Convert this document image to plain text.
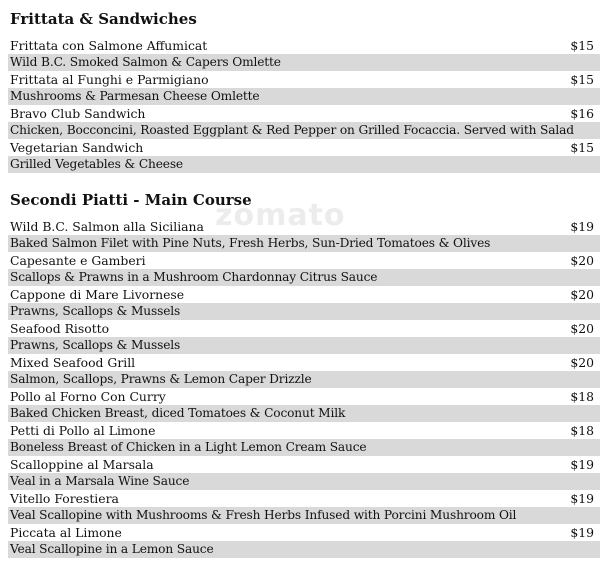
zomato
Frittata & Sandwiches
Frittata con Salmone Affumicat	$15
Wild B.C. Smoked Salmon & Capers Omlette
Frittata al Funghi e Parmigiano	$15
Mushrooms & Parmesan Cheese Omlette
Bravo Club Sandwich	$16
Chicken, Bocconcini, Roasted Eggplant & Red Pepper on Grilled Focaccia. Served with Salad
Vegetarian Sandwich	$15
Grilled Vegetables & Cheese
Secondi Piatti - Main Course
Wild B.C. Salmon alla Siciliana	$19
Baked Salmon Filet with Pine Nuts, Fresh Herbs, Sun-Dried Tomatoes & Olives
Capesante e Gamberi	$20
Scallops & Prawns in a Mushroom Chardonnay Citrus Sauce
Cappone di Mare Livornese	$20
Prawns, Scallops & Mussels
Seafood Risotto	$20
Prawns, Scallops & Mussels
Mixed Seafood Grill	$20
Salmon, Scallops, Prawns & Lemon Caper Drizzle
Pollo al Forno Con Curry	$18
Baked Chicken Breast, diced Tomatoes & Coconut Milk
Petti di Pollo al Limone	$18
Boneless Breast of Chicken in a Light Lemon Cream Sauce
Scalloppine al Marsala	$19
Veal in a Marsala Wine Sauce
Vitello Forestiera	$19
Veal Scallopine with Mushrooms & Fresh Herbs Infused with Porcini Mushroom Oil
Piccata al Limone	$19
Veal Scallopine in a Lemon Sauce
